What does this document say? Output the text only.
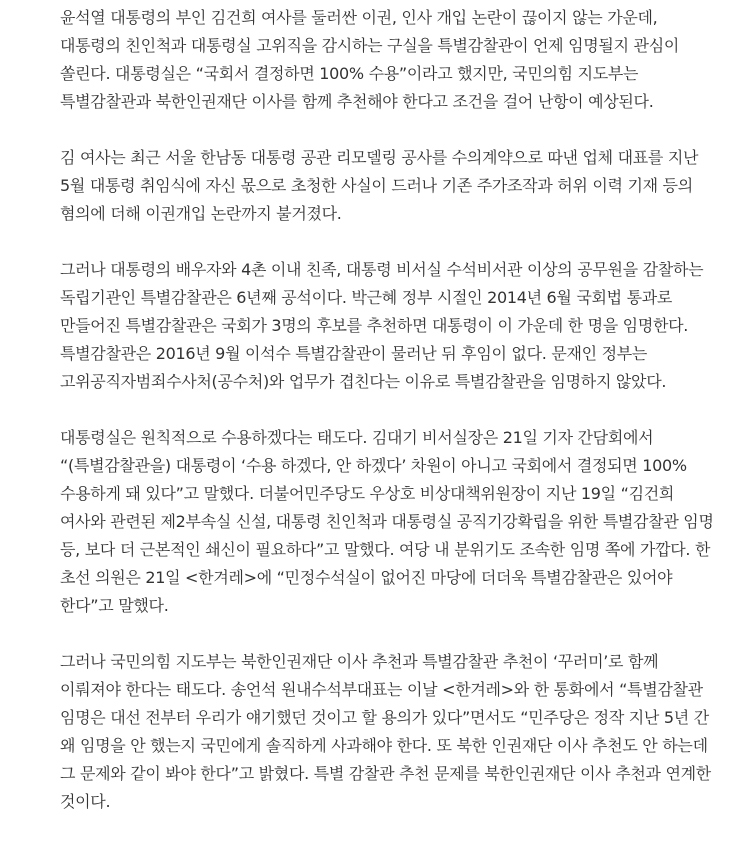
윤석열 대통령의 부인 김건희 여사를 둘러싼 이권, 인사 개입 논란이 끊이지 않는 가운데, 대통령의 친인척과 대통령실 고위직을 감시하는 구실을 특별감찰관이 언제 임명될지 관심이 쏠린다. 대통령실은 “국회서 결정하면 100% 수용”이라고 했지만, 국민의힘 지도부는 특별감찰관과 북한인권재단 이사를 함께 추천해야 한다고 조건을 걸어 난항이 예상된다.

김 여사는 최근 서울 한남동 대통령 공관 리모델링 공사를 수의계약으로 따낸 업체 대표를 지난 5월 대통령 취임식에 자신 몫으로 초청한 사실이 드러나 기존 주가조작과 허위 이력 기재 등의 혐의에 더해 이권개입 논란까지 불거졌다.

그러나 대통령의 배우자와 4촌 이내 친족, 대통령 비서실 수석비서관 이상의 공무원을 감찰하는 독립기관인 특별감찰관은 6년째 공석이다. 박근혜 정부 시절인 2014년 6월 국회법 통과로 만들어진 특별감찰관은 국회가 3명의 후보를 추천하면 대통령이 이 가운데 한 명을 임명한다. 특별감찰관은 2016년 9월 이석수 특별감찰관이 물러난 뒤 후임이 없다. 문재인 정부는 고위공직자범죄수사처(공수처)와 업무가 겹친다는 이유로 특별감찰관을 임명하지 않았다.

대통령실은 원칙적으로 수용하겠다는 태도다. 김대기 비서실장은 21일 기자 간담회에서 “(특별감찰관을) 대통령이 ‘수용 하겠다, 안 하겠다’ 차원이 아니고 국회에서 결정되면 100% 수용하게 돼 있다”고 말했다. 더불어민주당도 우상호 비상대책위원장이 지난 19일 “김건희 여사와 관련된 제2부속실 신설, 대통령 친인척과 대통령실 공직기강확립을 위한 특별감찰관 임명 등, 보다 더 근본적인 쇄신이 필요하다”고 말했다. 여당 내 분위기도 조속한 임명 쪽에 가깝다. 한 초선 의원은 21일 <한겨레>에 “민정수석실이 없어진 마당에 더더욱 특별감찰관은 있어야 한다”고 말했다.

그러나 국민의힘 지도부는 북한인권재단 이사 추천과 특별감찰관 추천이 ‘꾸러미’로 함께 이뤄져야 한다는 태도다. 송언석 원내수석부대표는 이날 <한겨레>와 한 통화에서 “특별감찰관 임명은 대선 전부터 우리가 얘기했던 것이고 할 용의가 있다”면서도 “민주당은 정작 지난 5년 간 왜 임명을 안 했는지 국민에게 솔직하게 사과해야 한다. 또 북한 인권재단 이사 추천도 안 하는데 그 문제와 같이 봐야 한다”고 밝혔다. 특별 감찰관 추천 문제를 북한인권재단 이사 추천과 연계한 것이다.
